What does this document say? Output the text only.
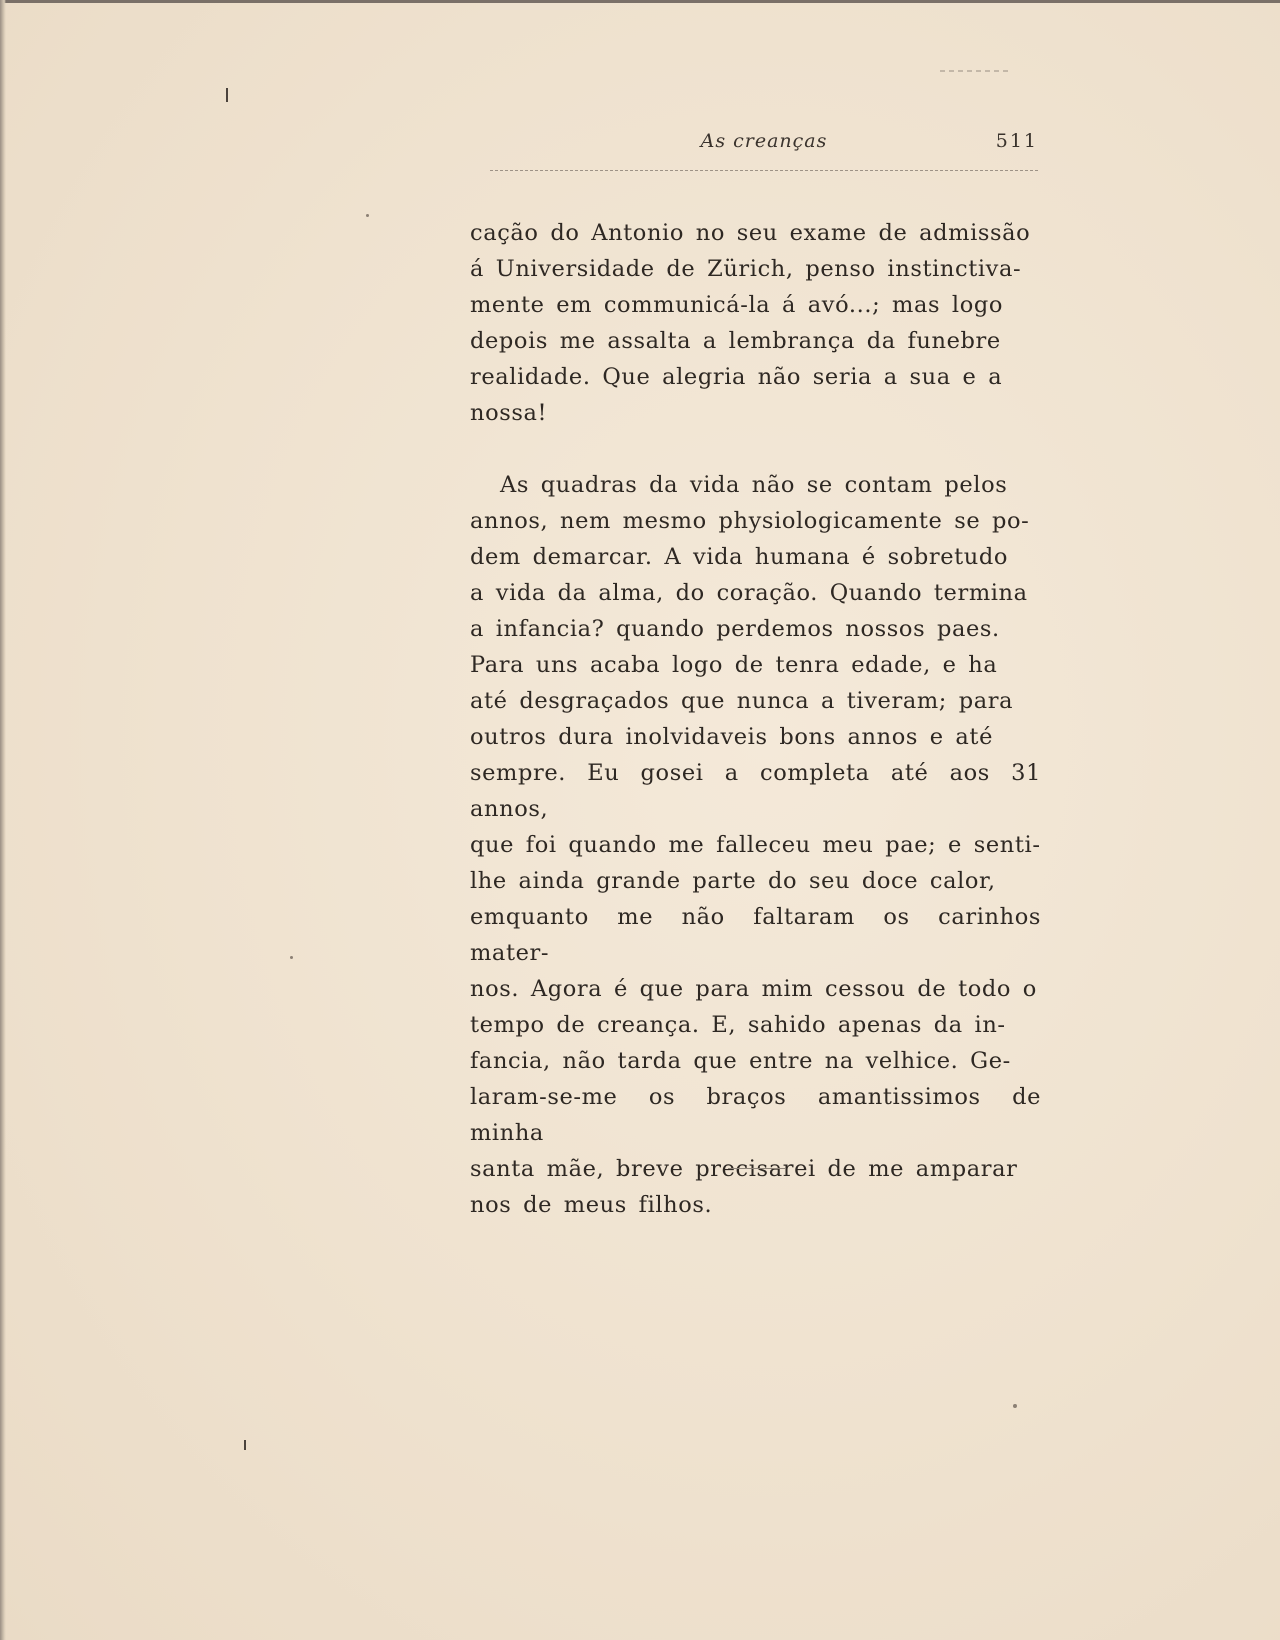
As creanças	511

cação do Antonio no seu exame de admissão
á Universidade de Zürich, penso instinctiva-
mente em communicá-la á avó...; mas logo
depois me assalta a lembrança da funebre
realidade. Que alegria não seria a sua e a
nossa!

As quadras da vida não se contam pelos
annos, nem mesmo physiologicamente se po-
dem demarcar. A vida humana é sobretudo
a vida da alma, do coração. Quando termina
a infancia? quando perdemos nossos paes.
Para uns acaba logo de tenra edade, e ha
até desgraçados que nunca a tiveram; para
outros dura inolvidaveis bons annos e até
sempre. Eu gosei a completa até aos 31 annos,
que foi quando me falleceu meu pae; e senti-
lhe ainda grande parte do seu doce calor,
emquanto me não faltaram os carinhos mater-
nos. Agora é que para mim cessou de todo o
tempo de creança. E, sahido apenas da in-
fancia, não tarda que entre na velhice. Ge-
laram-se-me os braços amantissimos de minha
santa mãe, breve precisarei de me amparar
nos de meus filhos.
